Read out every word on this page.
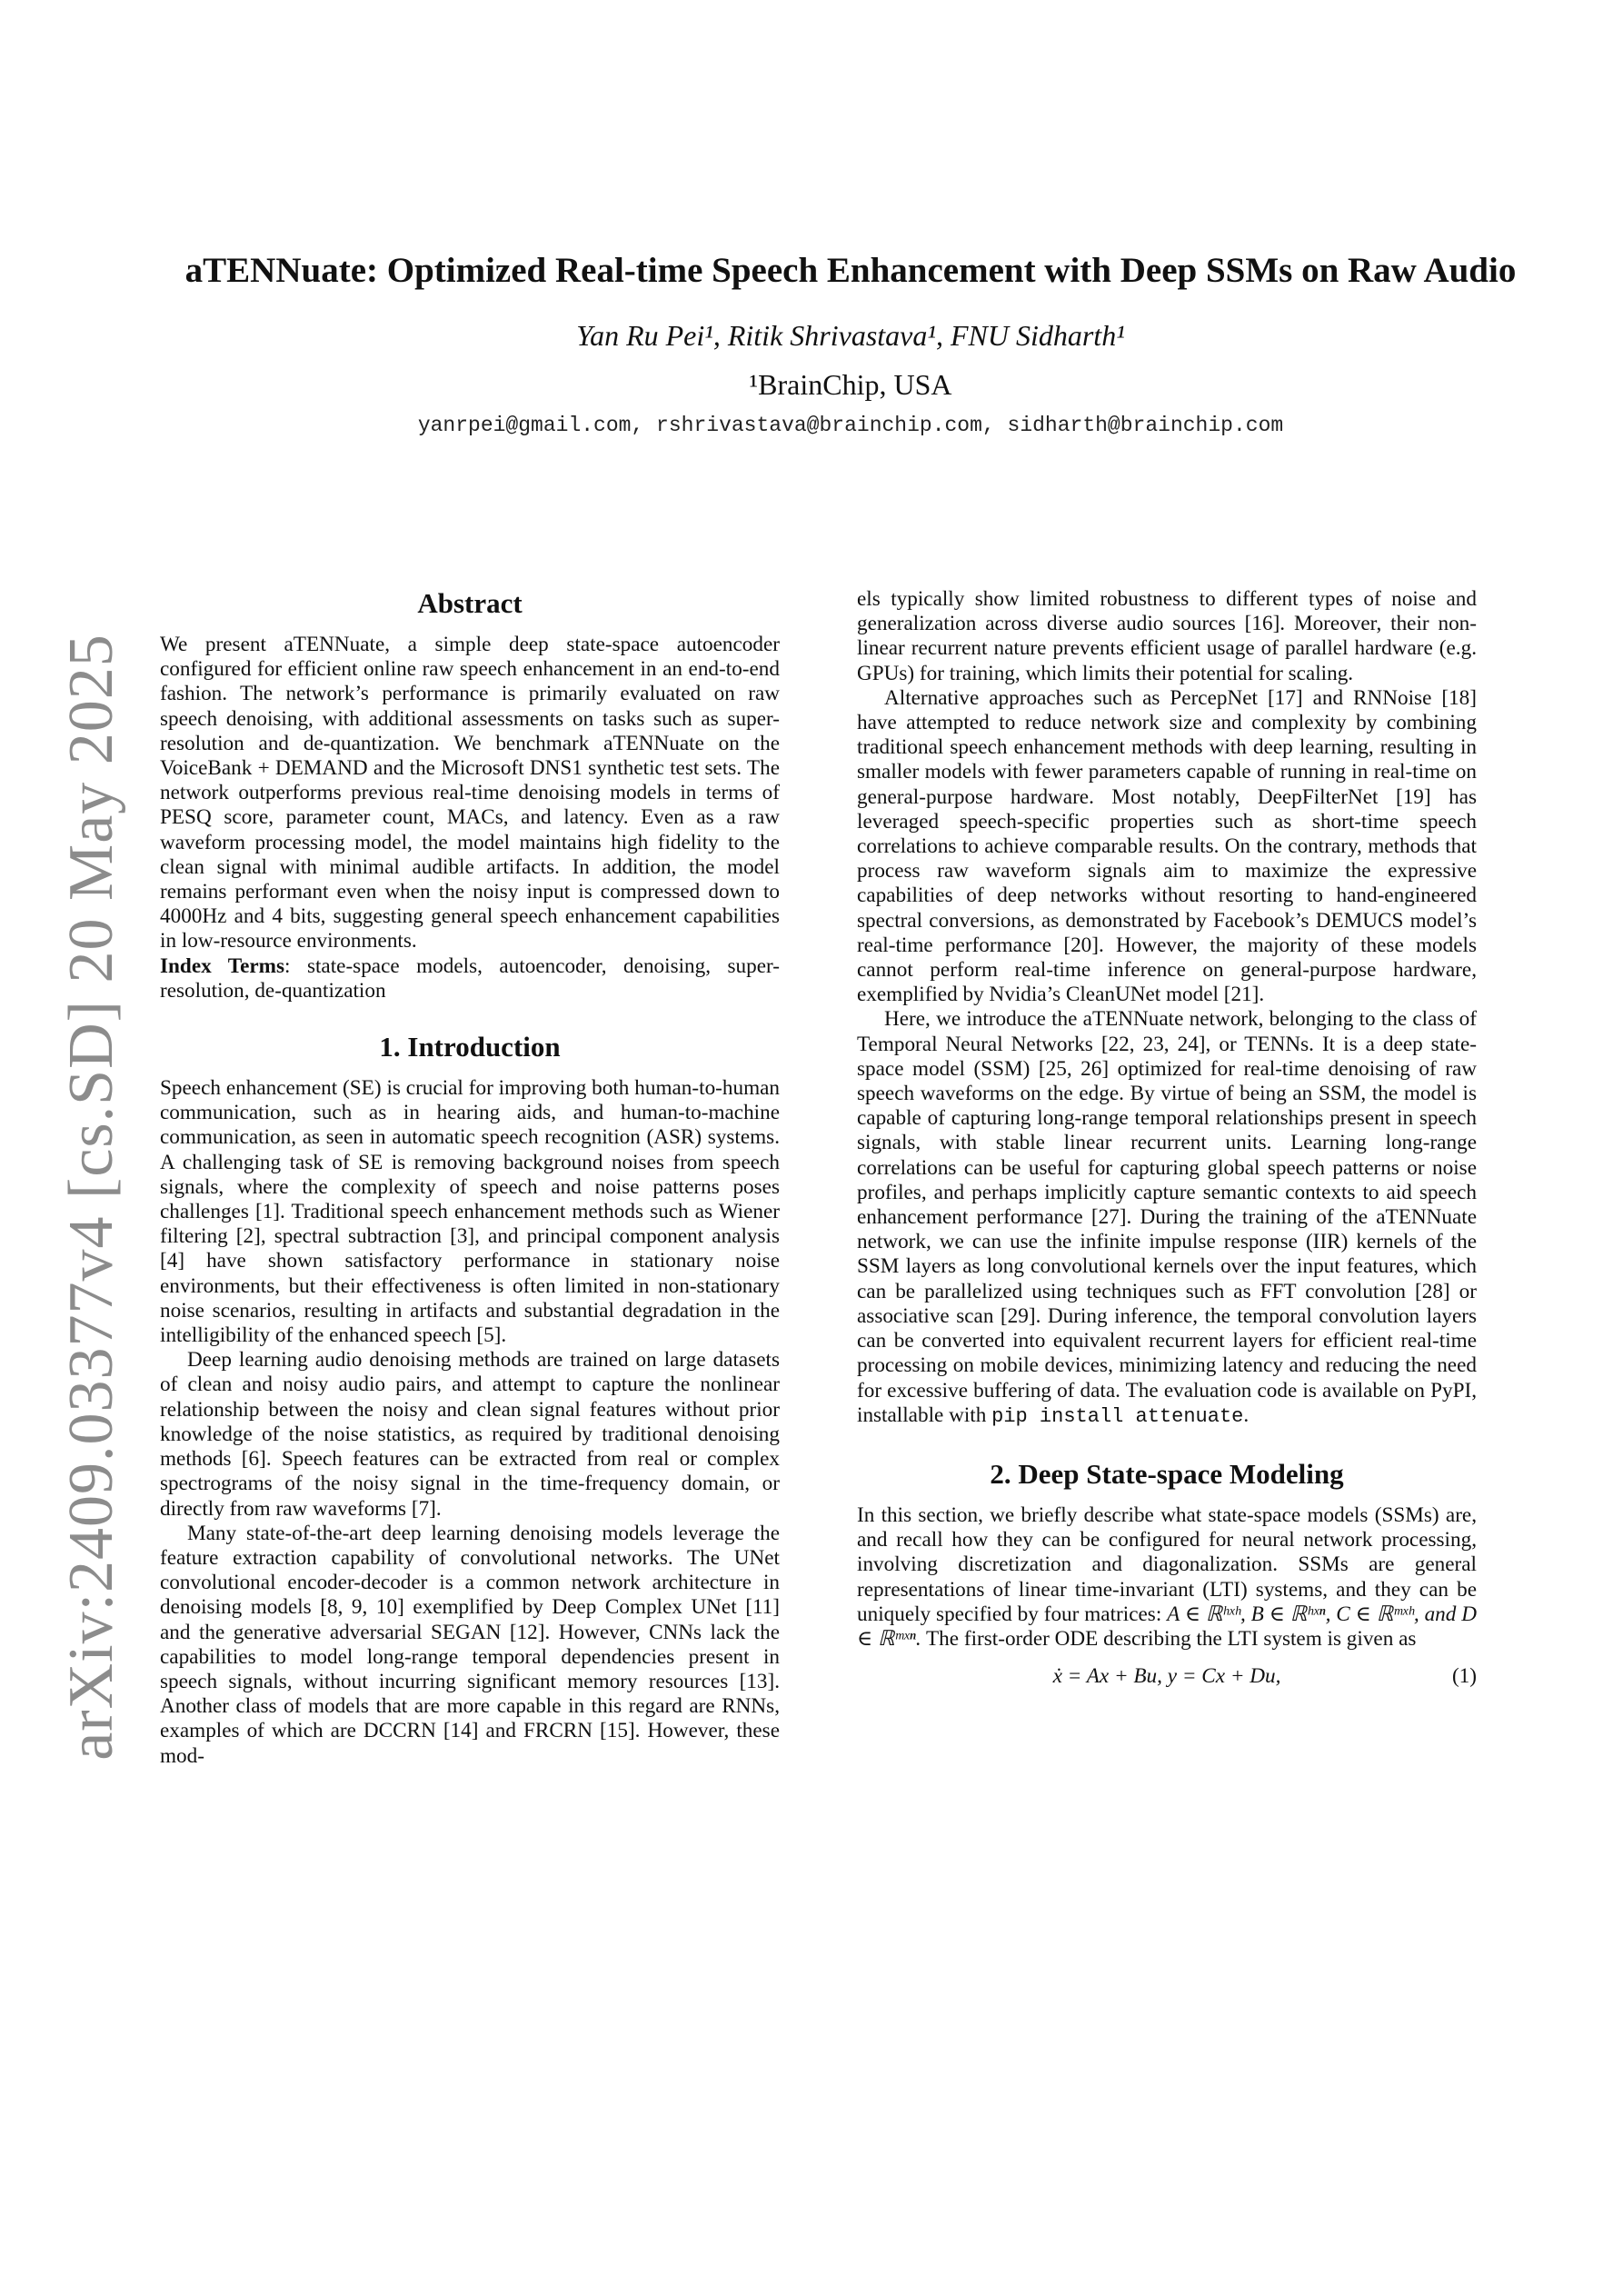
arXiv:2409.03377v4 [cs.SD] 20 May 2025
aTENNuate: Optimized Real-time Speech Enhancement with Deep SSMs on Raw Audio
Yan Ru Pei¹, Ritik Shrivastava¹, FNU Sidharth¹
¹BrainChip, USA
yanrpei@gmail.com, rshrivastava@brainchip.com, sidharth@brainchip.com
Abstract

We present aTENNuate, a simple deep state-space autoencoder configured for efficient online raw speech enhancement in an end-to-end fashion. The network’s performance is primarily evaluated on raw speech denoising, with additional assessments on tasks such as super-resolution and de-quantization. We benchmark aTENNuate on the VoiceBank + DEMAND and the Microsoft DNS1 synthetic test sets. The network outperforms previous real-time denoising models in terms of PESQ score, parameter count, MACs, and latency. Even as a raw waveform processing model, the model maintains high fidelity to the clean signal with minimal audible artifacts. In addition, the model remains performant even when the noisy input is compressed down to 4000Hz and 4 bits, suggesting general speech enhancement capabilities in low-resource environments.

Index Terms: state-space models, autoencoder, denoising, super-resolution, de-quantization

1. Introduction

Speech enhancement (SE) is crucial for improving both human-to-human communication, such as in hearing aids, and human-to-machine communication, as seen in automatic speech recognition (ASR) systems. A challenging task of SE is removing background noises from speech signals, where the complexity of speech and noise patterns poses challenges [1]. Traditional speech enhancement methods such as Wiener filtering [2], spectral subtraction [3], and principal component analysis [4] have shown satisfactory performance in stationary noise environments, but their effectiveness is often limited in non-stationary noise scenarios, resulting in artifacts and substantial degradation in the intelligibility of the enhanced speech [5].

Deep learning audio denoising methods are trained on large datasets of clean and noisy audio pairs, and attempt to capture the nonlinear relationship between the noisy and clean signal features without prior knowledge of the noise statistics, as required by traditional denoising methods [6]. Speech features can be extracted from real or complex spectrograms of the noisy signal in the time-frequency domain, or directly from raw waveforms [7].

Many state-of-the-art deep learning denoising models leverage the feature extraction capability of convolutional networks. The UNet convolutional encoder-decoder is a common network architecture in denoising models [8, 9, 10] exemplified by Deep Complex UNet [11] and the generative adversarial SEGAN [12]. However, CNNs lack the capabilities to model long-range temporal dependencies present in speech signals, without incurring significant memory resources [13]. Another class of models that are more capable in this regard are RNNs, examples of which are DCCRN [14] and FRCRN [15]. However, these mod-

els typically show limited robustness to different types of noise and generalization across diverse audio sources [16]. Moreover, their non-linear recurrent nature prevents efficient usage of parallel hardware (e.g. GPUs) for training, which limits their potential for scaling.

Alternative approaches such as PercepNet [17] and RNNoise [18] have attempted to reduce network size and complexity by combining traditional speech enhancement methods with deep learning, resulting in smaller models with fewer parameters capable of running in real-time on general-purpose hardware. Most notably, DeepFilterNet [19] has leveraged speech-specific properties such as short-time speech correlations to achieve comparable results. On the contrary, methods that process raw waveform signals aim to maximize the expressive capabilities of deep networks without resorting to hand-engineered spectral conversions, as demonstrated by Facebook’s DEMUCS model’s real-time performance [20]. However, the majority of these models cannot perform real-time inference on general-purpose hardware, exemplified by Nvidia’s CleanUNet model [21].

Here, we introduce the aTENNuate network, belonging to the class of Temporal Neural Networks [22, 23, 24], or TENNs. It is a deep state-space model (SSM) [25, 26] optimized for real-time denoising of raw speech waveforms on the edge. By virtue of being an SSM, the model is capable of capturing long-range temporal relationships present in speech signals, with stable linear recurrent units. Learning long-range correlations can be useful for capturing global speech patterns or noise profiles, and perhaps implicitly capture semantic contexts to aid speech enhancement performance [27]. During the training of the aTENNuate network, we can use the infinite impulse response (IIR) kernels of the SSM layers as long convolutional kernels over the input features, which can be parallelized using techniques such as FFT convolution [28] or associative scan [29]. During inference, the temporal convolution layers can be converted into equivalent recurrent layers for efficient real-time processing on mobile devices, minimizing latency and reducing the need for excessive buffering of data. The evaluation code is available on PyPI, installable with pip install attenuate.

2. Deep State-space Modeling

In this section, we briefly describe what state-space models (SSMs) are, and recall how they can be configured for neural network processing, involving discretization and diagonalization. SSMs are general representations of linear time-invariant (LTI) systems, and they can be uniquely specified by four matrices: A ∈ ℝʰˣʰ, B ∈ ℝʰˣⁿ, C ∈ ℝᵐˣʰ, and D ∈ ℝᵐˣⁿ. The first-order ODE describing the LTI system is given as

ẋ = Ax + Bu, y = Cx + Du,	(1)
